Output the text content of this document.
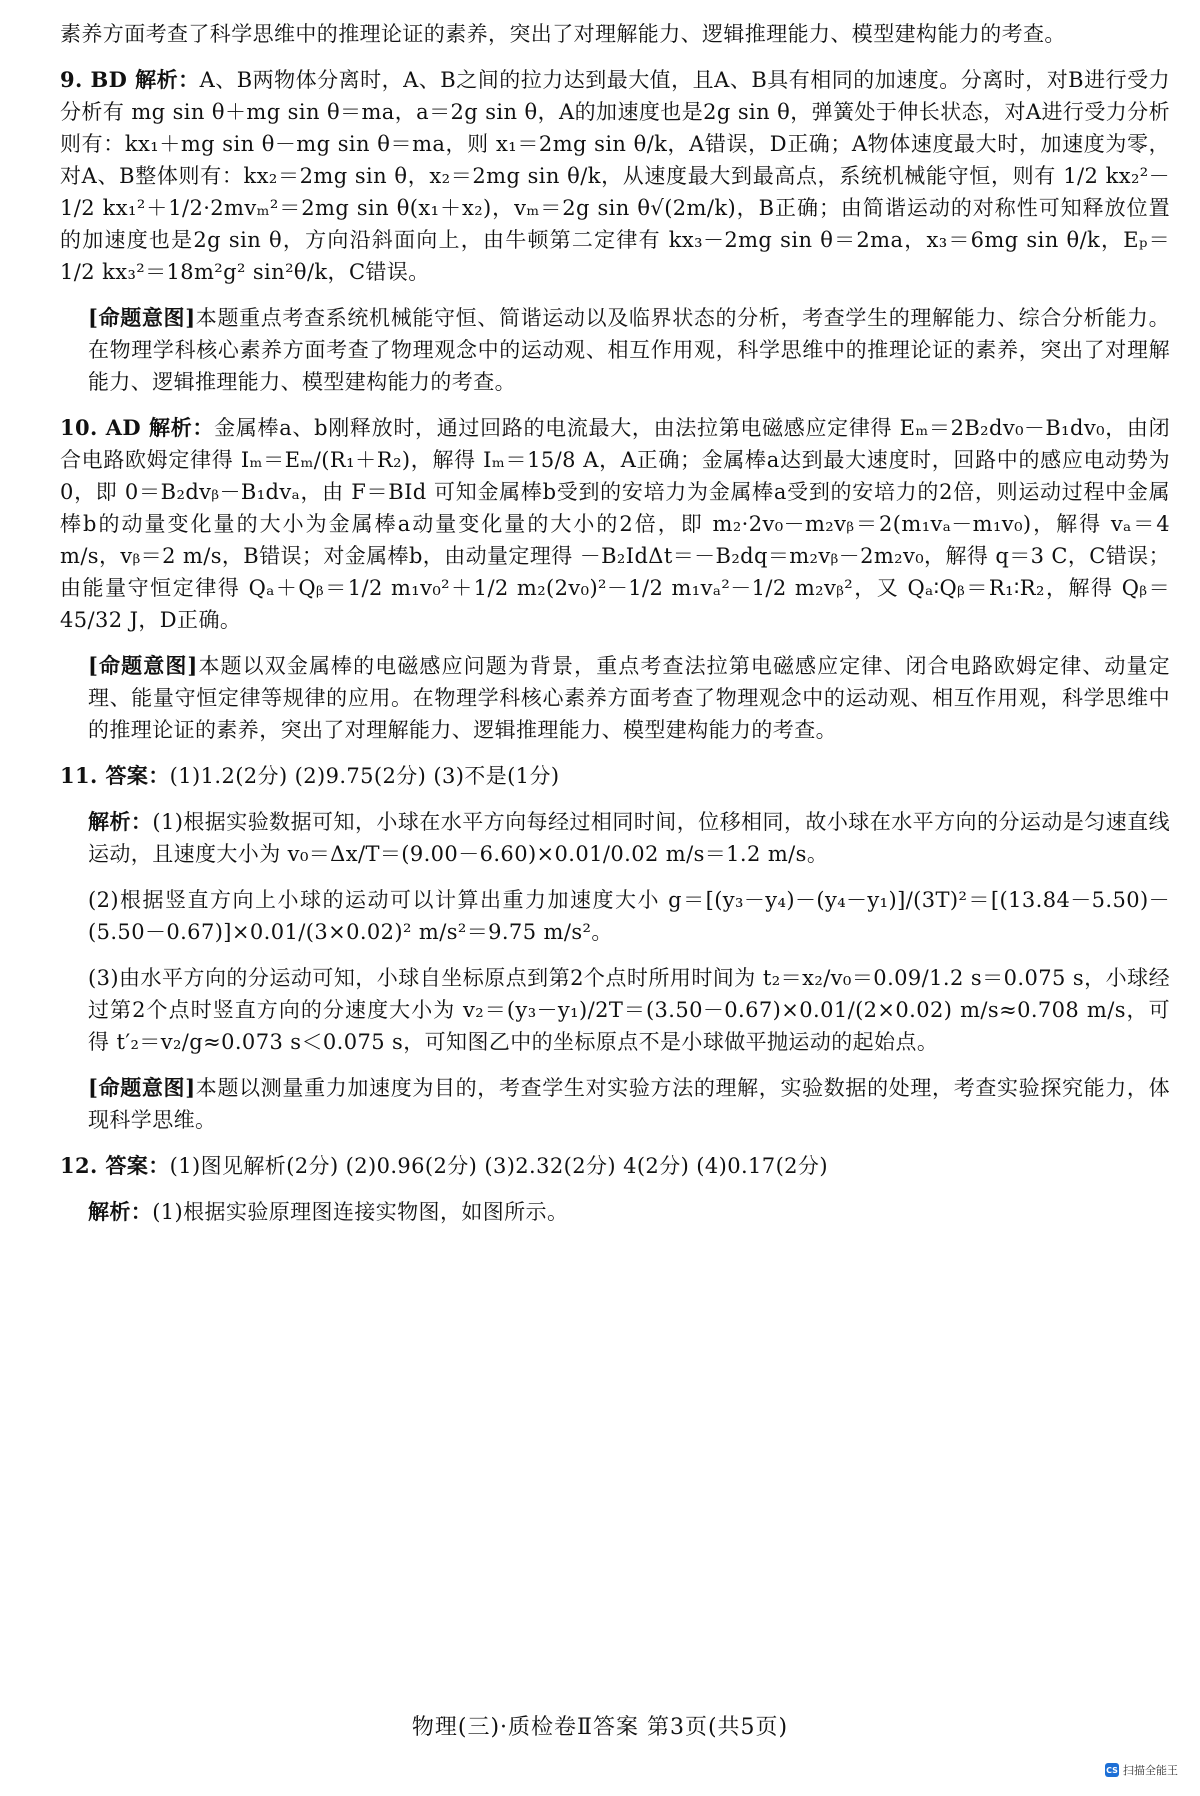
素养方面考查了科学思维中的推理论证的素养，突出了对理解能力、逻辑推理能力、模型建构能力的考查。

9. BD 解析：A、B两物体分离时，A、B之间的拉力达到最大值，且A、B具有相同的加速度。分离时，对B进行受力分析有 mg sin θ＋mg sin θ＝ma，a＝2g sin θ，A的加速度也是2g sin θ，弹簧处于伸长状态，对A进行受力分析则有：kx₁＋mg sin θ－mg sin θ＝ma，则 x₁＝2mg sin θ/k，A错误，D正确；A物体速度最大时，加速度为零，对A、B整体则有：kx₂＝2mg sin θ，x₂＝2mg sin θ/k，从速度最大到最高点，系统机械能守恒，则有 1/2 kx₂²－1/2 kx₁²＋1/2·2mvₘ²＝2mg sin θ(x₁＋x₂)，vₘ＝2g sin θ√(2m/k)，B正确；由简谐运动的对称性可知释放位置的加速度也是2g sin θ，方向沿斜面向上，由牛顿第二定律有 kx₃－2mg sin θ＝2ma，x₃＝6mg sin θ/k，Eₚ＝1/2 kx₃²＝18m²g² sin²θ/k，C错误。

[命题意图]本题重点考查系统机械能守恒、简谐运动以及临界状态的分析，考查学生的理解能力、综合分析能力。在物理学科核心素养方面考查了物理观念中的运动观、相互作用观，科学思维中的推理论证的素养，突出了对理解能力、逻辑推理能力、模型建构能力的考查。

10. AD 解析：金属棒a、b刚释放时，通过回路的电流最大，由法拉第电磁感应定律得 Eₘ＝2B₂dv₀－B₁dv₀，由闭合电路欧姆定律得 Iₘ＝Eₘ/(R₁＋R₂)，解得 Iₘ＝15/8 A，A正确；金属棒a达到最大速度时，回路中的感应电动势为0，即 0＝B₂dvᵦ－B₁dvₐ，由 F＝BId 可知金属棒b受到的安培力为金属棒a受到的安培力的2倍，则运动过程中金属棒b的动量变化量的大小为金属棒a动量变化量的大小的2倍，即 m₂·2v₀－m₂vᵦ＝2(m₁vₐ－m₁v₀)，解得 vₐ＝4 m/s，vᵦ＝2 m/s，B错误；对金属棒b，由动量定理得 －B₂IdΔt＝－B₂dq＝m₂vᵦ－2m₂v₀，解得 q＝3 C，C错误；由能量守恒定律得 Qₐ＋Qᵦ＝1/2 m₁v₀²＋1/2 m₂(2v₀)²－1/2 m₁vₐ²－1/2 m₂vᵦ²，又 Qₐ∶Qᵦ＝R₁∶R₂，解得 Qᵦ＝45/32 J，D正确。

[命题意图]本题以双金属棒的电磁感应问题为背景，重点考查法拉第电磁感应定律、闭合电路欧姆定律、动量定理、能量守恒定律等规律的应用。在物理学科核心素养方面考查了物理观念中的运动观、相互作用观，科学思维中的推理论证的素养，突出了对理解能力、逻辑推理能力、模型建构能力的考查。

11. 答案：(1)1.2(2分) (2)9.75(2分) (3)不是(1分)

解析：(1)根据实验数据可知，小球在水平方向每经过相同时间，位移相同，故小球在水平方向的分运动是匀速直线运动，且速度大小为 v₀＝Δx/T＝(9.00－6.60)×0.01/0.02 m/s＝1.2 m/s。

(2)根据竖直方向上小球的运动可以计算出重力加速度大小 g＝[(y₃－y₄)－(y₄－y₁)]/(3T)²＝[(13.84－5.50)－(5.50－0.67)]×0.01/(3×0.02)² m/s²＝9.75 m/s²。

(3)由水平方向的分运动可知，小球自坐标原点到第2个点时所用时间为 t₂＝x₂/v₀＝0.09/1.2 s＝0.075 s，小球经过第2个点时竖直方向的分速度大小为 v₂＝(y₃－y₁)/2T＝(3.50－0.67)×0.01/(2×0.02) m/s≈0.708 m/s，可得 t′₂＝v₂/g≈0.073 s＜0.075 s，可知图乙中的坐标原点不是小球做平抛运动的起始点。

[命题意图]本题以测量重力加速度为目的，考查学生对实验方法的理解，实验数据的处理，考查实验探究能力，体现科学思维。

12. 答案：(1)图见解析(2分) (2)0.96(2分) (3)2.32(2分) 4(2分) (4)0.17(2分)

解析：(1)根据实验原理图连接实物图，如图所示。

物理(三)·质检卷Ⅱ答案 第3页(共5页)
CS 扫描全能王
